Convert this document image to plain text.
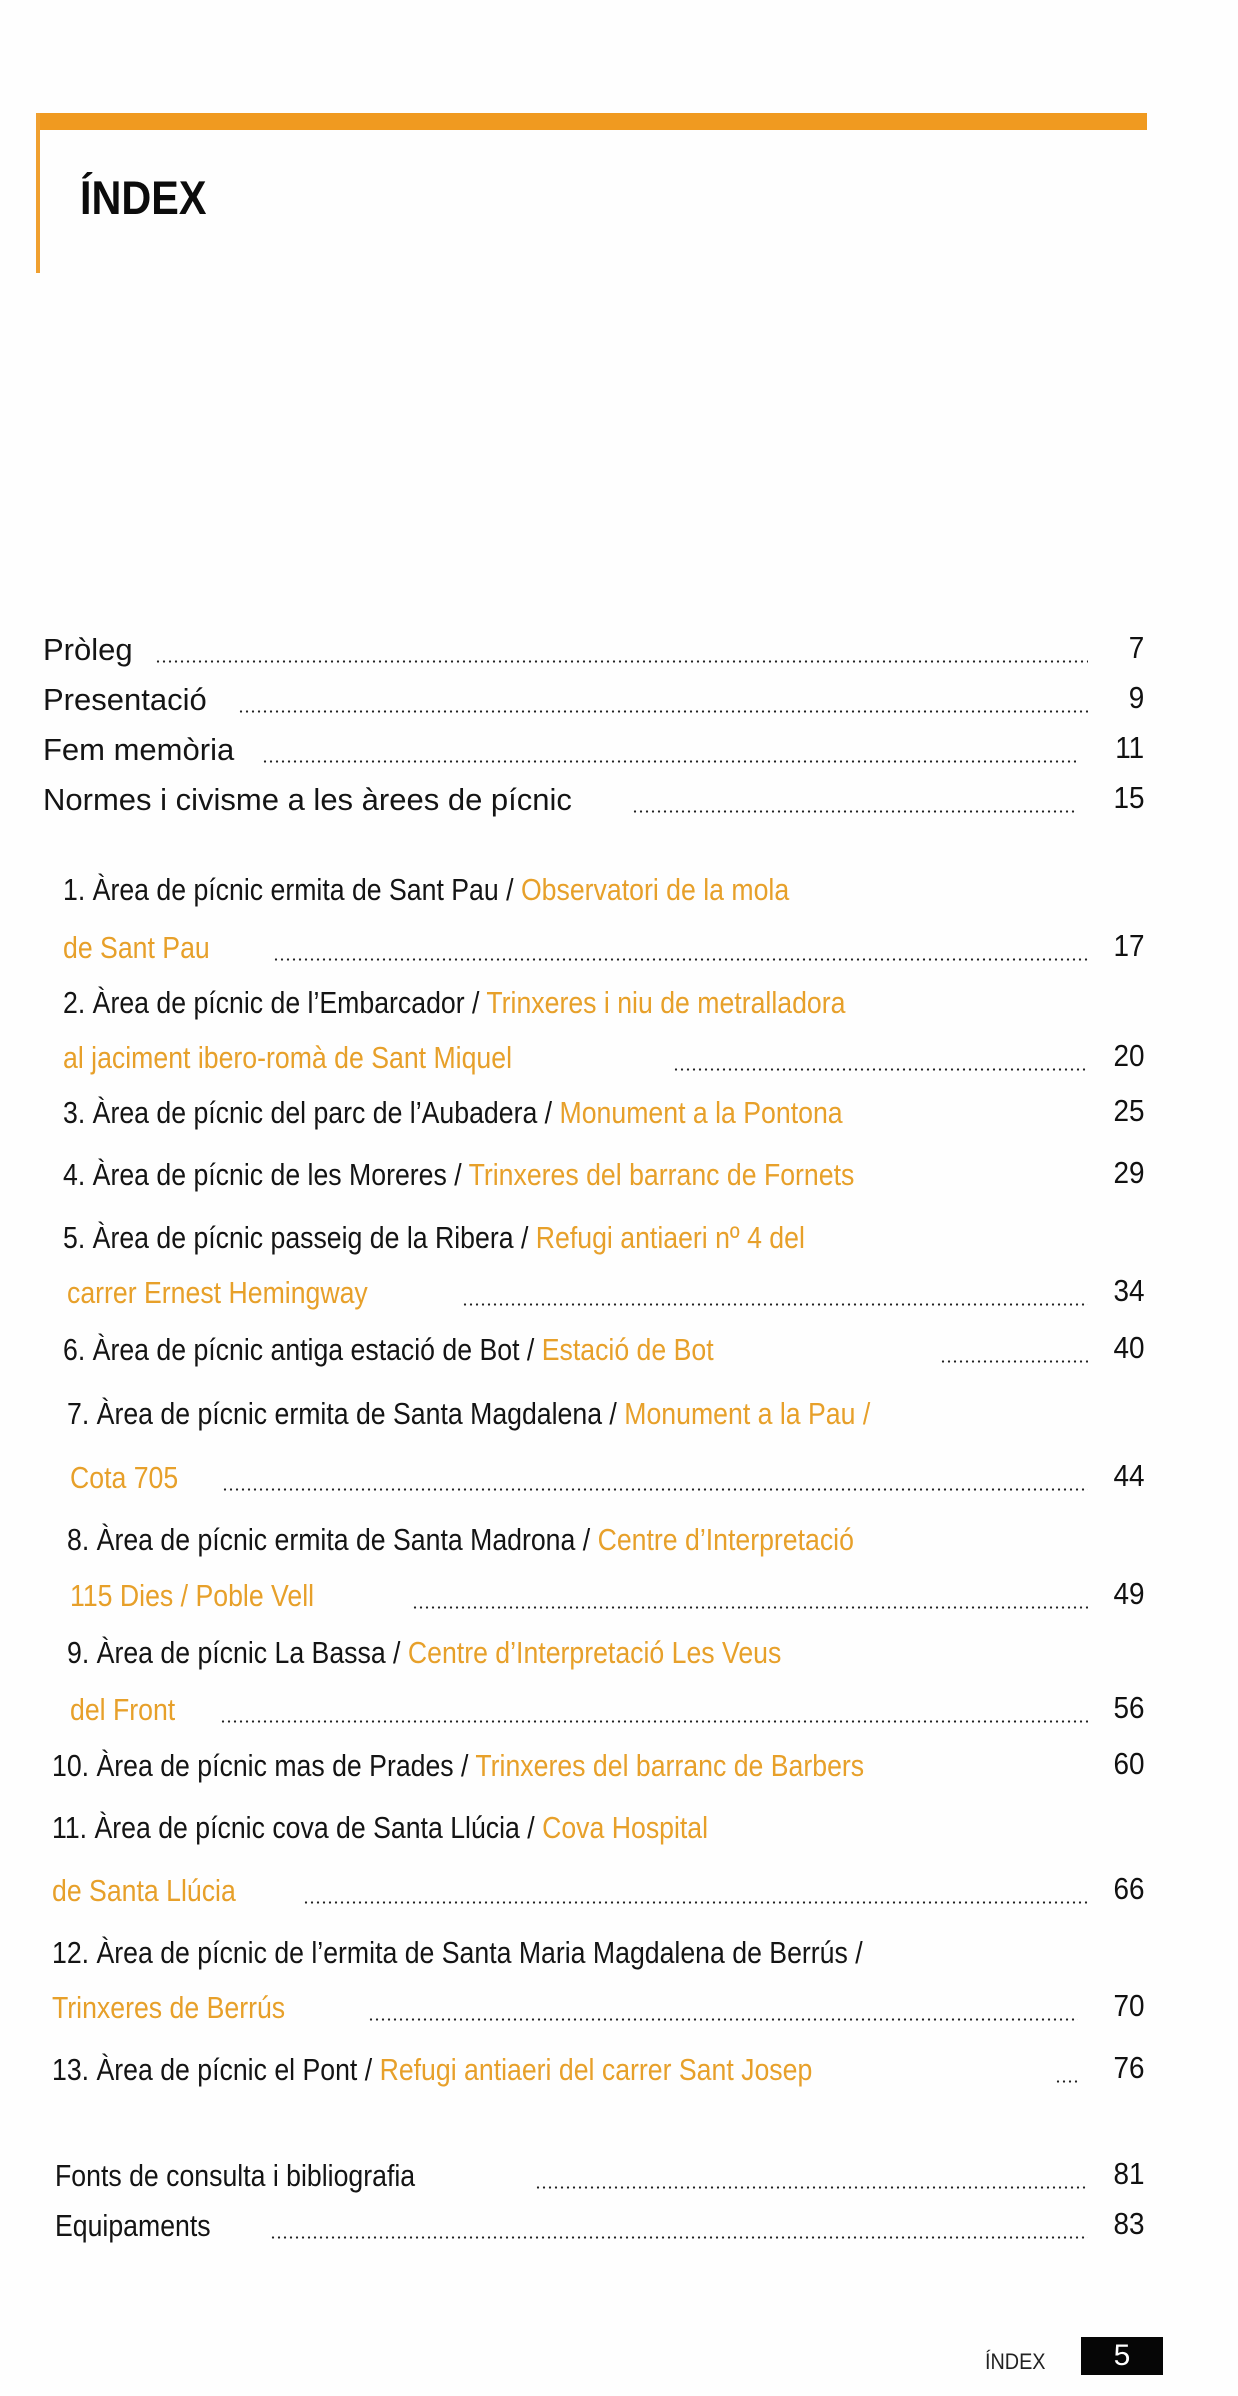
ÍNDEX
Pròleg	7
Presentació	9
Fem memòria	11
Normes i civisme a les àrees de pícnic	15
1. Àrea de pícnic ermita de Sant Pau / Observatori de la mola
de Sant Pau	17
2. Àrea de pícnic de l’Embarcador / Trinxeres i niu de metralladora
al jaciment ibero-romà de Sant Miquel	20
3. Àrea de pícnic del parc de l’Aubadera / Monument a la Pontona	25
4. Àrea de pícnic de les Moreres / Trinxeres del barranc de Fornets	29
5. Àrea de pícnic passeig de la Ribera / Refugi antiaeri nº 4 del
carrer Ernest Hemingway	34
6. Àrea de pícnic antiga estació de Bot / Estació de Bot	40
7. Àrea de pícnic ermita de Santa Magdalena / Monument a la Pau /
Cota 705	44
8. Àrea de pícnic ermita de Santa Madrona / Centre d’Interpretació
115 Dies / Poble Vell	49
9. Àrea de pícnic La Bassa / Centre d’Interpretació Les Veus
del Front	56
10. Àrea de pícnic mas de Prades / Trinxeres del barranc de Barbers	60
11. Àrea de pícnic cova de Santa Llúcia / Cova Hospital
de Santa Llúcia	66
12. Àrea de pícnic de l’ermita de Santa Maria Magdalena de Berrús /
Trinxeres de Berrús	70
13. Àrea de pícnic el Pont / Refugi antiaeri del carrer Sant Josep	76
Fonts de consulta i bibliografia	81
Equipaments	83
ÍNDEX	5
